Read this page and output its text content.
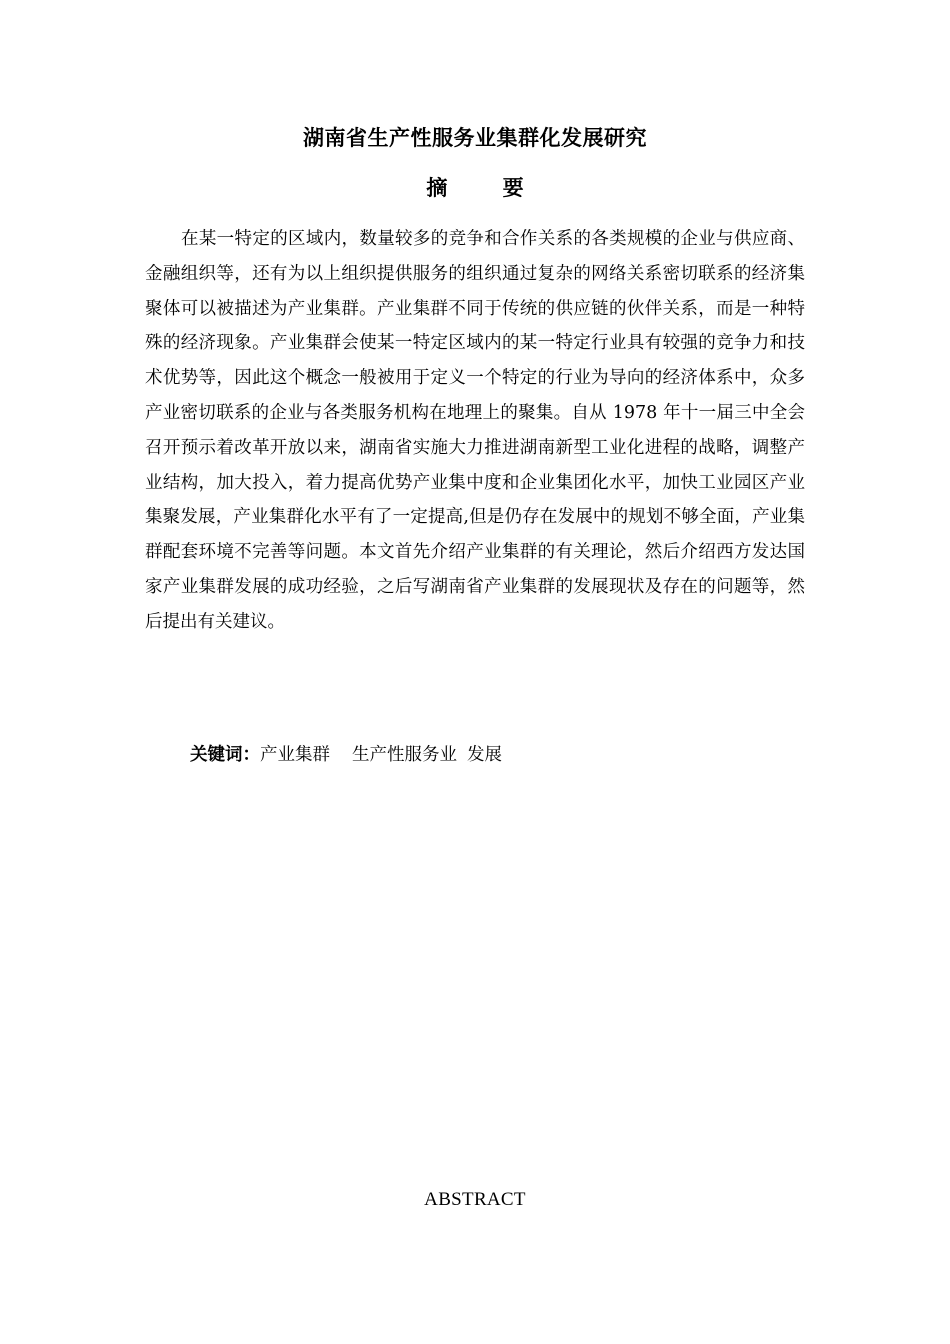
湖南省生产性服务业集群化发展研究
摘 要

在某一特定的区域内，数量较多的竞争和合作关系的各类规模的企业与供应商、金融组织等，还有为以上组织提供服务的组织通过复杂的网络关系密切联系的经济集聚体可以被描述为产业集群。产业集群不同于传统的供应链的伙伴关系，而是一种特殊的经济现象。产业集群会使某一特定区域内的某一特定行业具有较强的竞争力和技术优势等，因此这个概念一般被用于定义一个特定的行业为导向的经济体系中，众多产业密切联系的企业与各类服务机构在地理上的聚集。自从 1978 年十一届三中全会召开预示着改革开放以来，湖南省实施大力推进湖南新型工业化进程的战略，调整产业结构，加大投入，着力提高优势产业集中度和企业集团化水平，加快工业园区产业集聚发展，产业集群化水平有了一定提高,但是仍存在发展中的规划不够全面，产业集群配套环境不完善等问题。本文首先介绍产业集群的有关理论，然后介绍西方发达国家产业集群发展的成功经验，之后写湖南省产业集群的发展现状及存在的问题等，然后提出有关建议。

关键词：产业集群 生产性服务业 发展
ABSTRACT
